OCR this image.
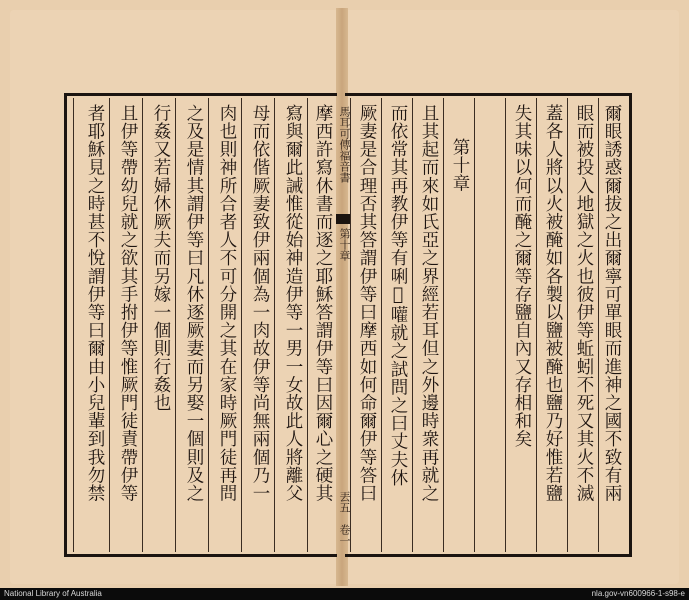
爾眼誘惑爾拔之出爾寧可單眼而進神之國不致有兩
眼而被投入地獄之火也彼伊等蚯蚓不死又其火不滅
蓋各人將以火被醃如各製以鹽被醃也鹽乃好惟若鹽
失其味以何而醃之爾等存鹽自內又存相和矣
第十章
且其起而來如氏亞之界經若耳但之外邊時衆再就之
而依常其再教伊等有唎𠽋嚾就之試問之曰丈夫休
厥妻是合理否其答謂伊等曰摩西如何命爾伊等答曰
馬耳可傳福音書
第十章
丟五
卷一
摩西許寫休書而逐之耶穌答謂伊等曰因爾心之硬其
寫與爾此誡惟從始神造伊等一男一女故此人將離父
母而依偕厥妻致伊兩個為一肉故伊等尚無兩個乃一
肉也則神所合者人不可分開之其在家時厥門徒再問
之及是情其謂伊等曰凡休逐厥妻而另娶一個則及之
行姦又若婦休厥夫而另嫁一個則行姦也
且伊等帶幼兒就之欲其手拊伊等惟厥門徒責帶伊等
者耶穌見之時甚不悅謂伊等曰爾由小兒輩到我勿禁
National Library of Australia	nla.gov-vn600966-1-s98-e
